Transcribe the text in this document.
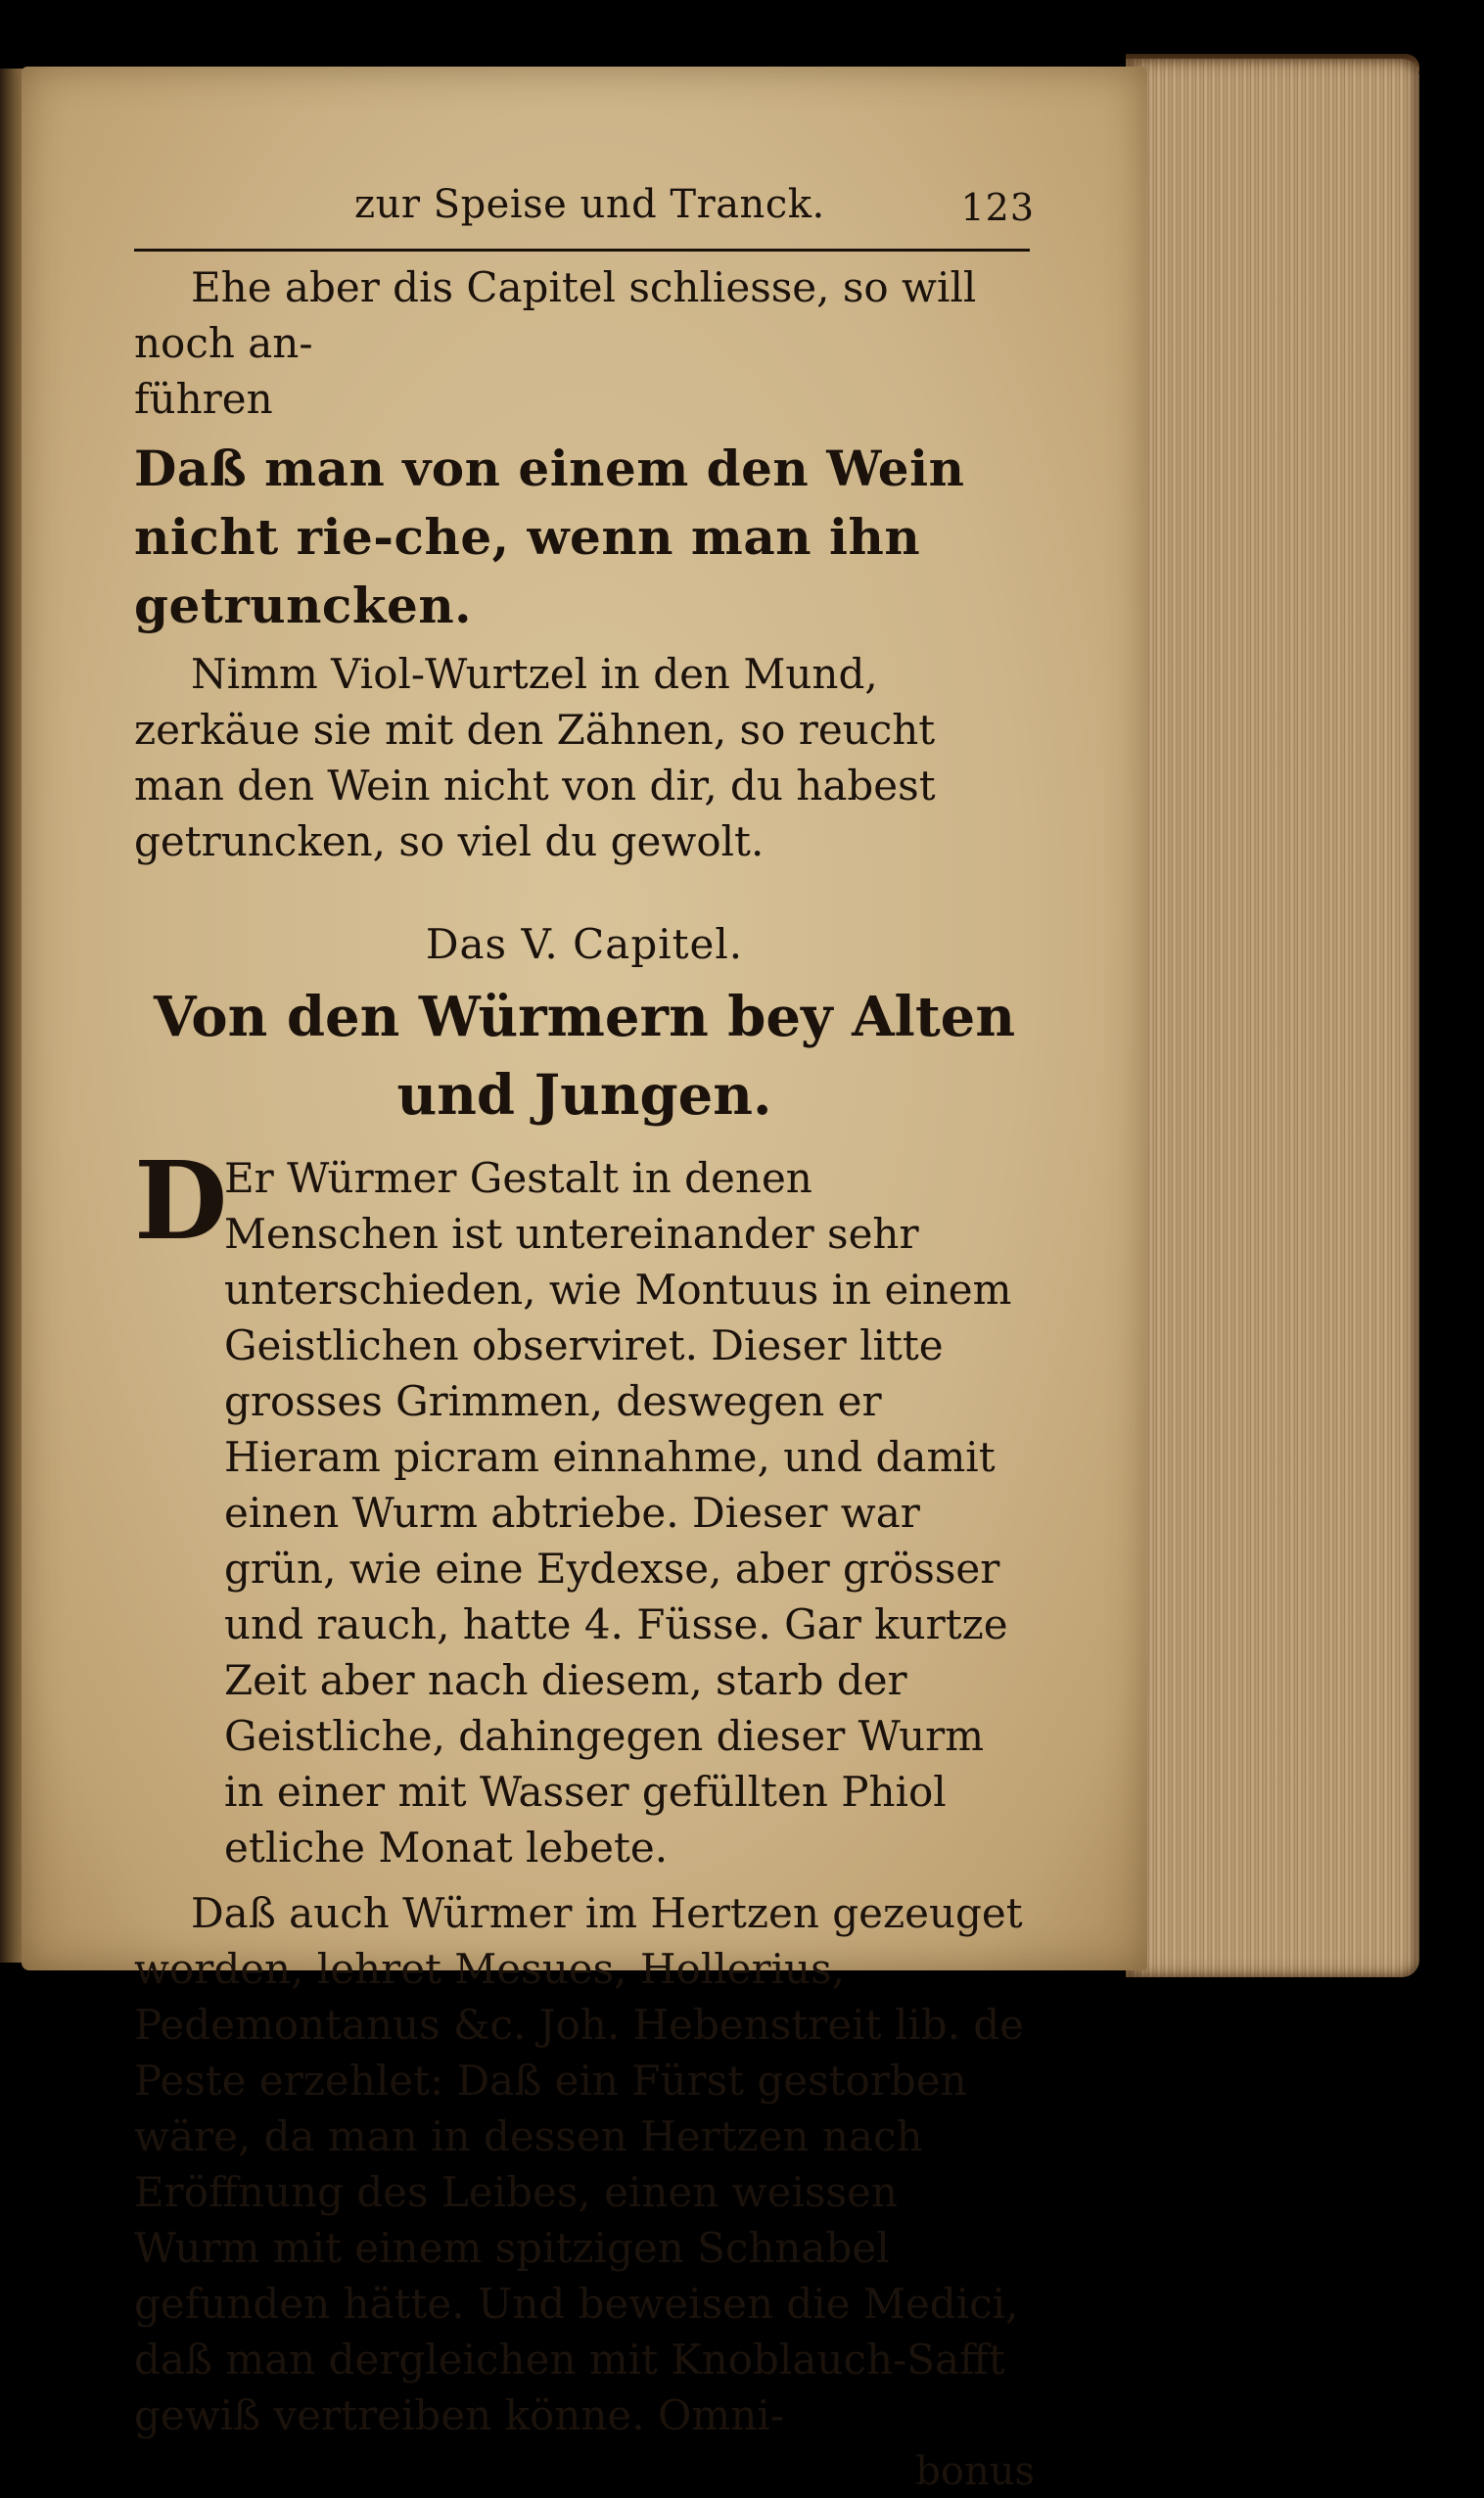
zur Speise und Tranck.	123

Ehe aber dis Capitel schliesse, so will noch an‑

führen

Daß man von einem den Wein nicht rie‑che, wenn man ihn getruncken.

Nimm Viol‑Wurtzel in den Mund, zerkäue sie mit den Zähnen, so reucht man den Wein nicht von dir, du habest getruncken, so viel du gewolt.

Das V. Capitel.

Von den Würmern bey Alten und Jungen.

D

Er Würmer Gestalt in denen Menschen ist untereinander sehr unterschieden, wie Montuus in einem Geistlichen observiret. Dieser litte grosses Grimmen, deswegen er Hieram picram einnahme, und damit einen Wurm abtriebe. Dieser war grün, wie eine Eydexse, aber grösser und rauch, hatte 4. Füsse. Gar kurtze Zeit aber nach diesem, starb der Geistliche, dahingegen dieser Wurm in einer mit Wasser gefüllten Phiol etliche Monat lebete.

Daß auch Würmer im Hertzen gezeuget worden, lehret Mesues, Hollerius, Pedemontanus &c. Joh. Hebenstreit lib. de Peste erzehlet: Daß ein Fürst gestorben wäre, da man in dessen Hertzen nach Eröffnung des Leibes, einen weissen Wurm mit einem spitzigen Schnabel gefunden hätte. Und beweisen die Medici, daß man dergleichen mit Knoblauch‑Safft gewiß vertreiben könne. Omni‑

bonus
